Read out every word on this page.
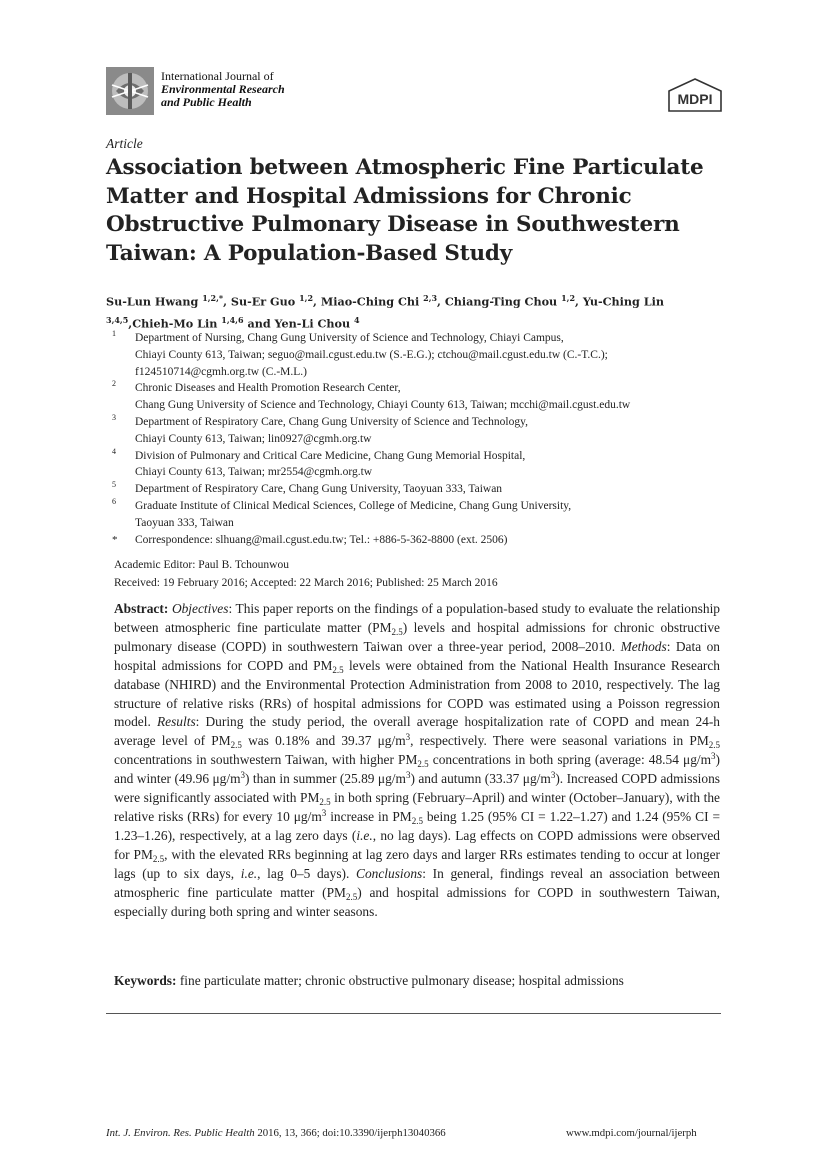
International Journal of
Environmental Research
and Public Health	MDPI
Article
Association between Atmospheric Fine Particulate Matter and Hospital Admissions for Chronic Obstructive Pulmonary Disease in Southwestern Taiwan: A Population-Based Study
Su-Lun Hwang $^{1,2,*}$, Su-Er Guo $^{1,2}$, Miao-Ching Chi $^{2,3}$, Chiang-Ting Chou $^{1,2}$, Yu-Ching Lin $^{3,4,5}$,Chieh-Mo Lin $^{1,4,6}$ and Yen-Li Chou $^4$
1 Department of Nursing, Chang Gung University of Science and Technology, Chiayi Campus,
Chiayi County 613, Taiwan; seguo@mail.cgust.edu.tw (S.-E.G.); ctchou@mail.cgust.edu.tw (C.-T.C.);
f124510714@cgmh.org.tw (C.-M.L.)
2 Chronic Diseases and Health Promotion Research Center,
Chang Gung University of Science and Technology, Chiayi County 613, Taiwan; mcchi@mail.cgust.edu.tw
3 Department of Respiratory Care, Chang Gung University of Science and Technology,
Chiayi County 613, Taiwan; lin0927@cgmh.org.tw
4 Division of Pulmonary and Critical Care Medicine, Chang Gung Memorial Hospital,
Chiayi County 613, Taiwan; mr2554@cgmh.org.tw
5 Department of Respiratory Care, Chang Gung University, Taoyuan 333, Taiwan
6 Graduate Institute of Clinical Medical Sciences, College of Medicine, Chang Gung University,
Taoyuan 333, Taiwan
* Correspondence: slhuang@mail.cgust.edu.tw; Tel.: +886-5-362-8800 (ext. 2506)
Academic Editor: Paul B. Tchounwou
Received: 19 February 2016; Accepted: 22 March 2016; Published: 25 March 2016

Abstract: Objectives: This paper reports on the findings of a population-based study to evaluate the relationship between atmospheric fine particulate matter $(PM_{2.5})$ levels and hospital admissions for chronic obstructive pulmonary disease (COPD) in southwestern Taiwan over a three-year period, 2008–2010. Methods: Data on hospital admissions for COPD and $PM_{2.5}$ levels were obtained from the National Health Insurance Research database (NHIRD) and the Environmental Protection Administration from 2008 to 2010, respectively. The lag structure of relative risks (RRs) of hospital admissions for COPD was estimated using a Poisson regression model. Results: During the study period, the overall average hospitalization rate of COPD and mean 24-h average level of $PM_{2.5}$ was 0.18% and 39.37 $\mu g/m^3$, respectively. There were seasonal variations in $PM_{2.5}$ concentrations in southwestern Taiwan, with higher $PM_{2.5}$ concentrations in both spring (average: 48.54 $\mu g/m^3$) and winter (49.96 $\mu g/m^3$) than in summer (25.89 $\mu g/m^3$) and autumn (33.37 $\mu g/m^3$). Increased COPD admissions were significantly associated with $PM_{2.5}$ in both spring (February–April) and winter (October–January), with the relative risks (RRs) for every 10 $\mu g/m^3$ increase in $PM_{2.5}$ being 1.25 (95% CI = 1.22–1.27) and 1.24 (95% CI = 1.23–1.26), respectively, at a lag zero days (i.e., no lag days). Lag effects on COPD admissions were observed for $PM_{2.5}$, with the elevated RRs beginning at lag zero days and larger RRs estimates tending to occur at longer lags (up to six days, i.e., lag 0–5 days). Conclusions: In general, findings reveal an association between atmospheric fine particulate matter $(PM_{2.5})$ and hospital admissions for COPD in southwestern Taiwan, especially during both spring and winter seasons.

Keywords: fine particulate matter; chronic obstructive pulmonary disease; hospital admissions
Int. J. Environ. Res. Public Health 2016, 13, 366; doi:10.3390/ijerph13040366	www.mdpi.com/journal/ijerph
